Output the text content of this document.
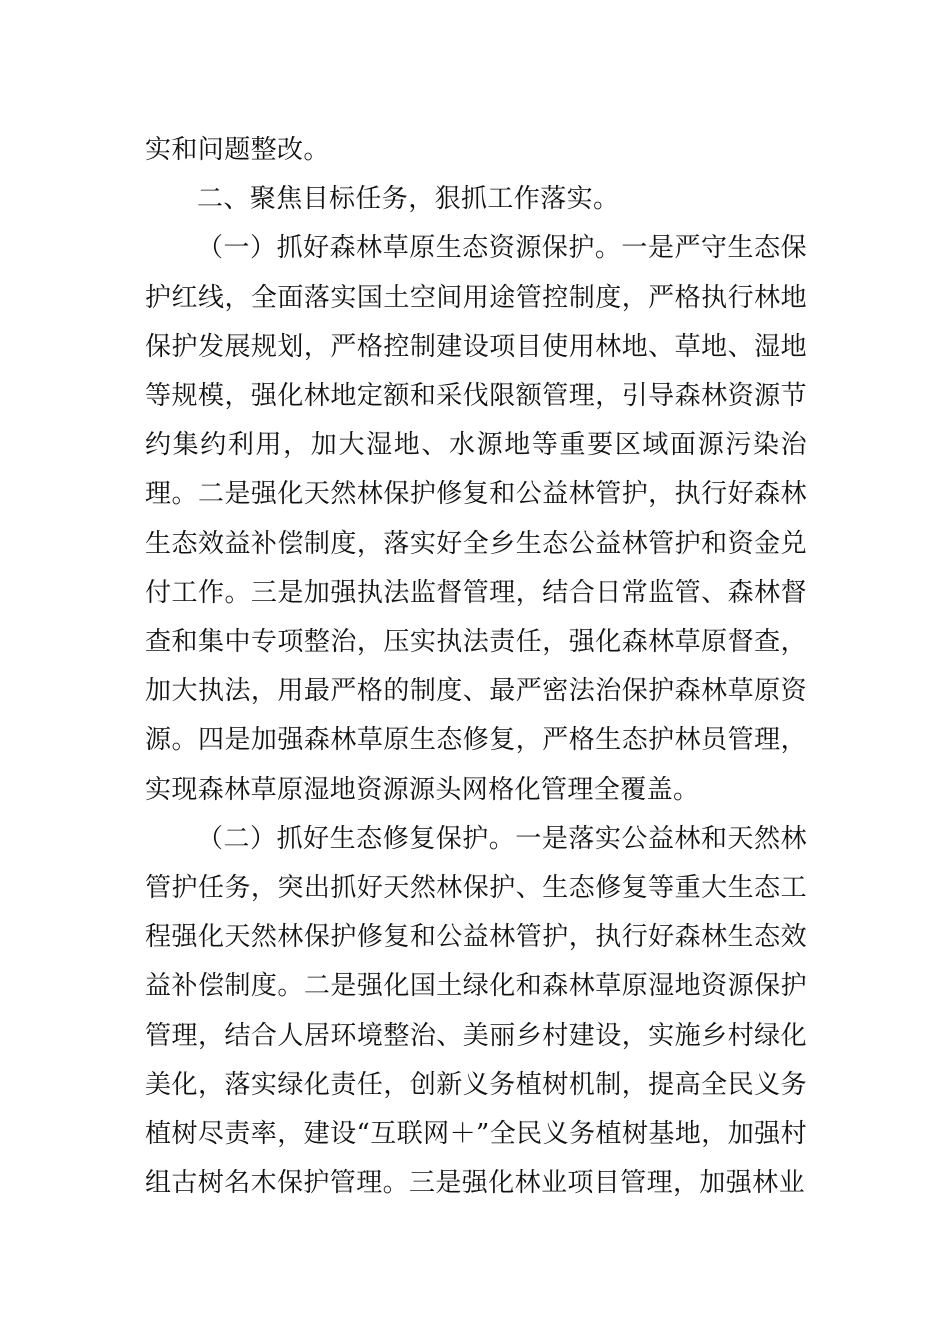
实和问题整改。

二、聚焦目标任务，狠抓工作落实。

（一）抓好森林草原生态资源保护。一是严守生态保护红线，全面落实国土空间用途管控制度，严格执行林地保护发展规划，严格控制建设项目使用林地、草地、湿地等规模，强化林地定额和采伐限额管理，引导森林资源节约集约利用，加大湿地、水源地等重要区域面源污染治理。二是强化天然林保护修复和公益林管护，执行好森林生态效益补偿制度，落实好全乡生态公益林管护和资金兑付工作。三是加强执法监督管理，结合日常监管、森林督查和集中专项整治，压实执法责任，强化森林草原督查，加大执法，用最严格的制度、最严密法治保护森林草原资源。四是加强森林草原生态修复，严格生态护林员管理，实现森林草原湿地资源源头网格化管理全覆盖。

（二）抓好生态修复保护。一是落实公益林和天然林管护任务，突出抓好天然林保护、生态修复等重大生态工程强化天然林保护修复和公益林管护，执行好森林生态效益补偿制度。二是强化国土绿化和森林草原湿地资源保护管理，结合人居环境整治、美丽乡村建设，实施乡村绿化美化，落实绿化责任，创新义务植树机制，提高全民义务植树尽责率，建设“互联网＋”全民义务植树基地，加强村组古树名木保护管理。三是强化林业项目管理，加强林业
